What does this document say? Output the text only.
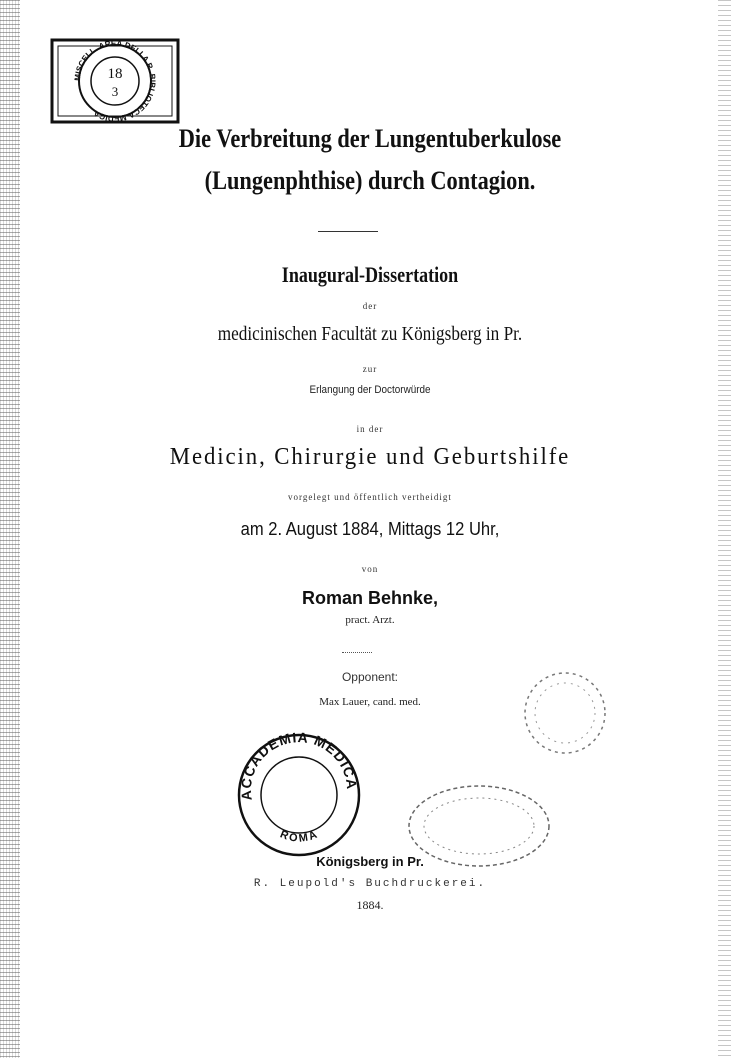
MISCELL. AREA DELLA R. BIBLIOTECA MEDICA
18
3
Die Verbreitung der Lungentuberkulose
(Lungenphthise) durch Contagion.
Inaugural-Dissertation
der
medicinischen Facultät zu Königsberg in Pr.
zur
Erlangung der Doctorwürde
in der
Medicin, Chirurgie und Geburtshilfe
vorgelegt und öffentlich vertheidigt
am 2. August 1884, Mittags 12 Uhr,
von
Roman Behnke,
pract. Arzt.
Opponent:
Max Lauer, cand. med.
ACCADEMIA MEDICA
ROMA
Königsberg in Pr.
R. Leupold's Buchdruckerei.
1884.
